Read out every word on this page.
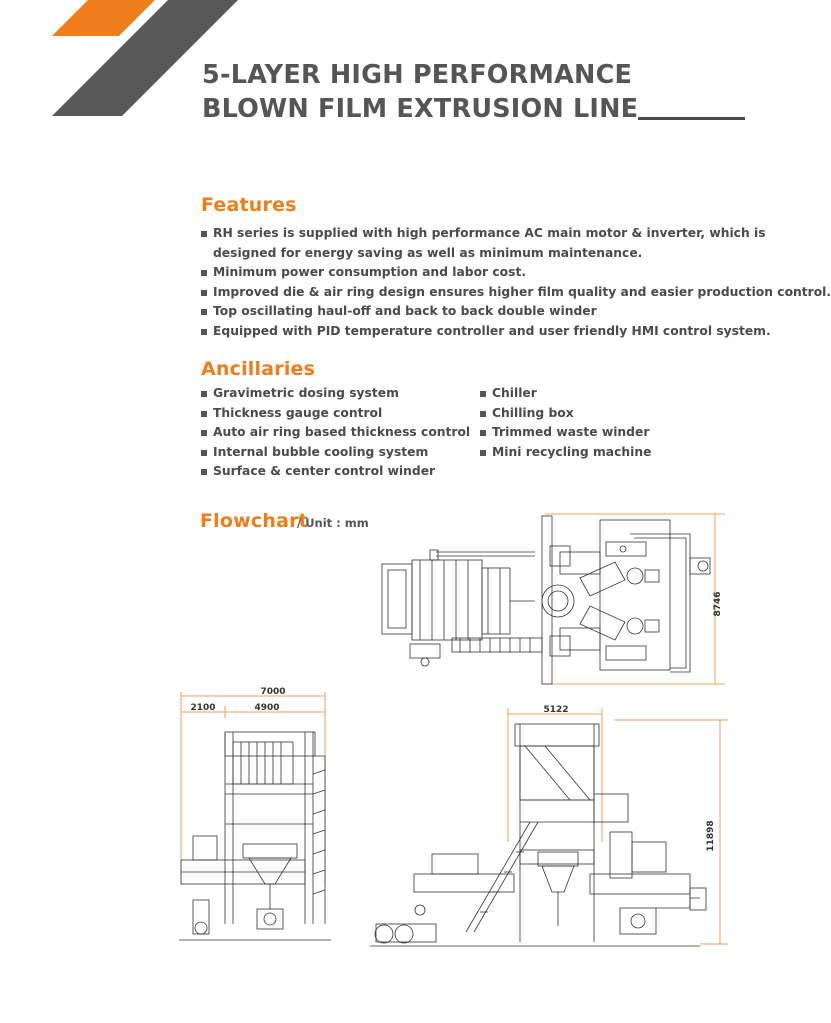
5-LAYER HIGH PERFORMANCE
BLOWN FILM EXTRUSION LINE
Features
RH series is supplied with high performance AC main motor & inverter, which is
designed for energy saving as well as minimum maintenance.
Minimum power consumption and labor cost.
Improved die & air ring design ensures higher film quality and easier production control.
Top oscillating haul-off and back to back double winder
Equipped with PID temperature controller and user friendly HMI control system.
Ancillaries
Gravimetric dosing system
Thickness gauge control
Auto air ring based thickness control
Internal bubble cooling system
Surface & center control winder
Chiller
Chilling box
Trimmed waste winder
Mini recycling machine
Flowchart
/ Unit : mm
8746
7000
2100	4900	5122
11898
